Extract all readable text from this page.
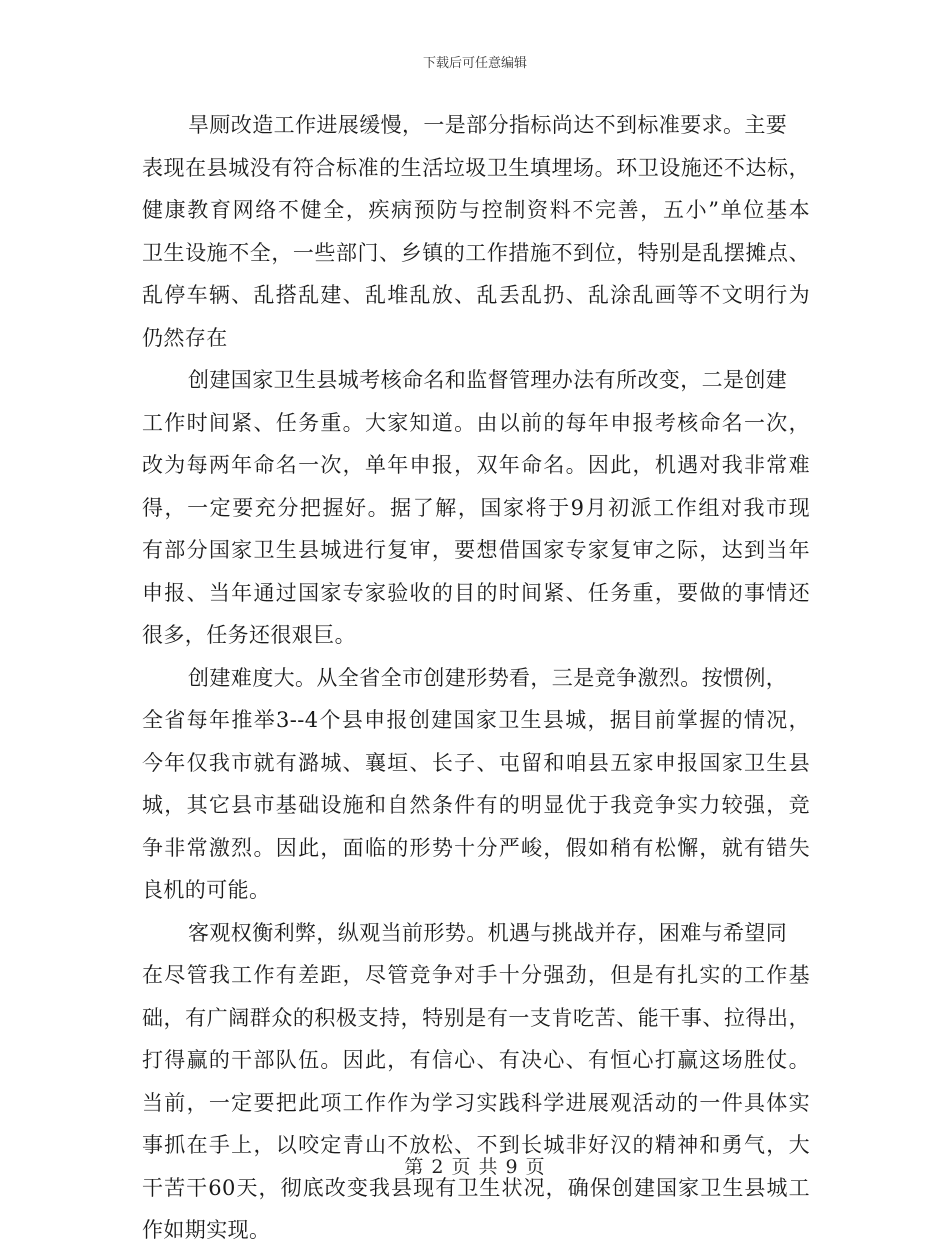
下载后可任意编辑
旱厕改造工作进展缓慢，一是部分指标尚达不到标准要求。主要
表现在县城没有符合标准的生活垃圾卫生填埋场。环卫设施还不达标，
健康教育网络不健全，疾病预防与控制资料不完善，五小”单位基本
卫生设施不全，一些部门、乡镇的工作措施不到位，特别是乱摆摊点、
乱停车辆、乱搭乱建、乱堆乱放、乱丢乱扔、乱涂乱画等不文明行为
仍然存在
创建国家卫生县城考核命名和监督管理办法有所改变，二是创建
工作时间紧、任务重。大家知道。由以前的每年申报考核命名一次，
改为每两年命名一次，单年申报，双年命名。因此，机遇对我非常难
得，一定要充分把握好。据了解，国家将于9月初派工作组对我市现
有部分国家卫生县城进行复审，要想借国家专家复审之际，达到当年
申报、当年通过国家专家验收的目的时间紧、任务重，要做的事情还
很多，任务还很艰巨。
创建难度大。从全省全市创建形势看，三是竞争激烈。按惯例，
全省每年推举3--4个县申报创建国家卫生县城，据目前掌握的情况，
今年仅我市就有潞城、襄垣、长子、屯留和咱县五家申报国家卫生县
城，其它县市基础设施和自然条件有的明显优于我竞争实力较强，竞
争非常激烈。因此，面临的形势十分严峻，假如稍有松懈，就有错失
良机的可能。
客观权衡利弊，纵观当前形势。机遇与挑战并存，困难与希望同
在尽管我工作有差距，尽管竞争对手十分强劲，但是有扎实的工作基
础，有广阔群众的积极支持，特别是有一支肯吃苦、能干事、拉得出，
打得赢的干部队伍。因此，有信心、有决心、有恒心打赢这场胜仗。
当前，一定要把此项工作作为学习实践科学进展观活动的一件具体实
事抓在手上，以咬定青山不放松、不到长城非好汉的精神和勇气，大
干苦干60天，彻底改变我县现有卫生状况，确保创建国家卫生县城工
作如期实现。
第 2 页 共 9 页
